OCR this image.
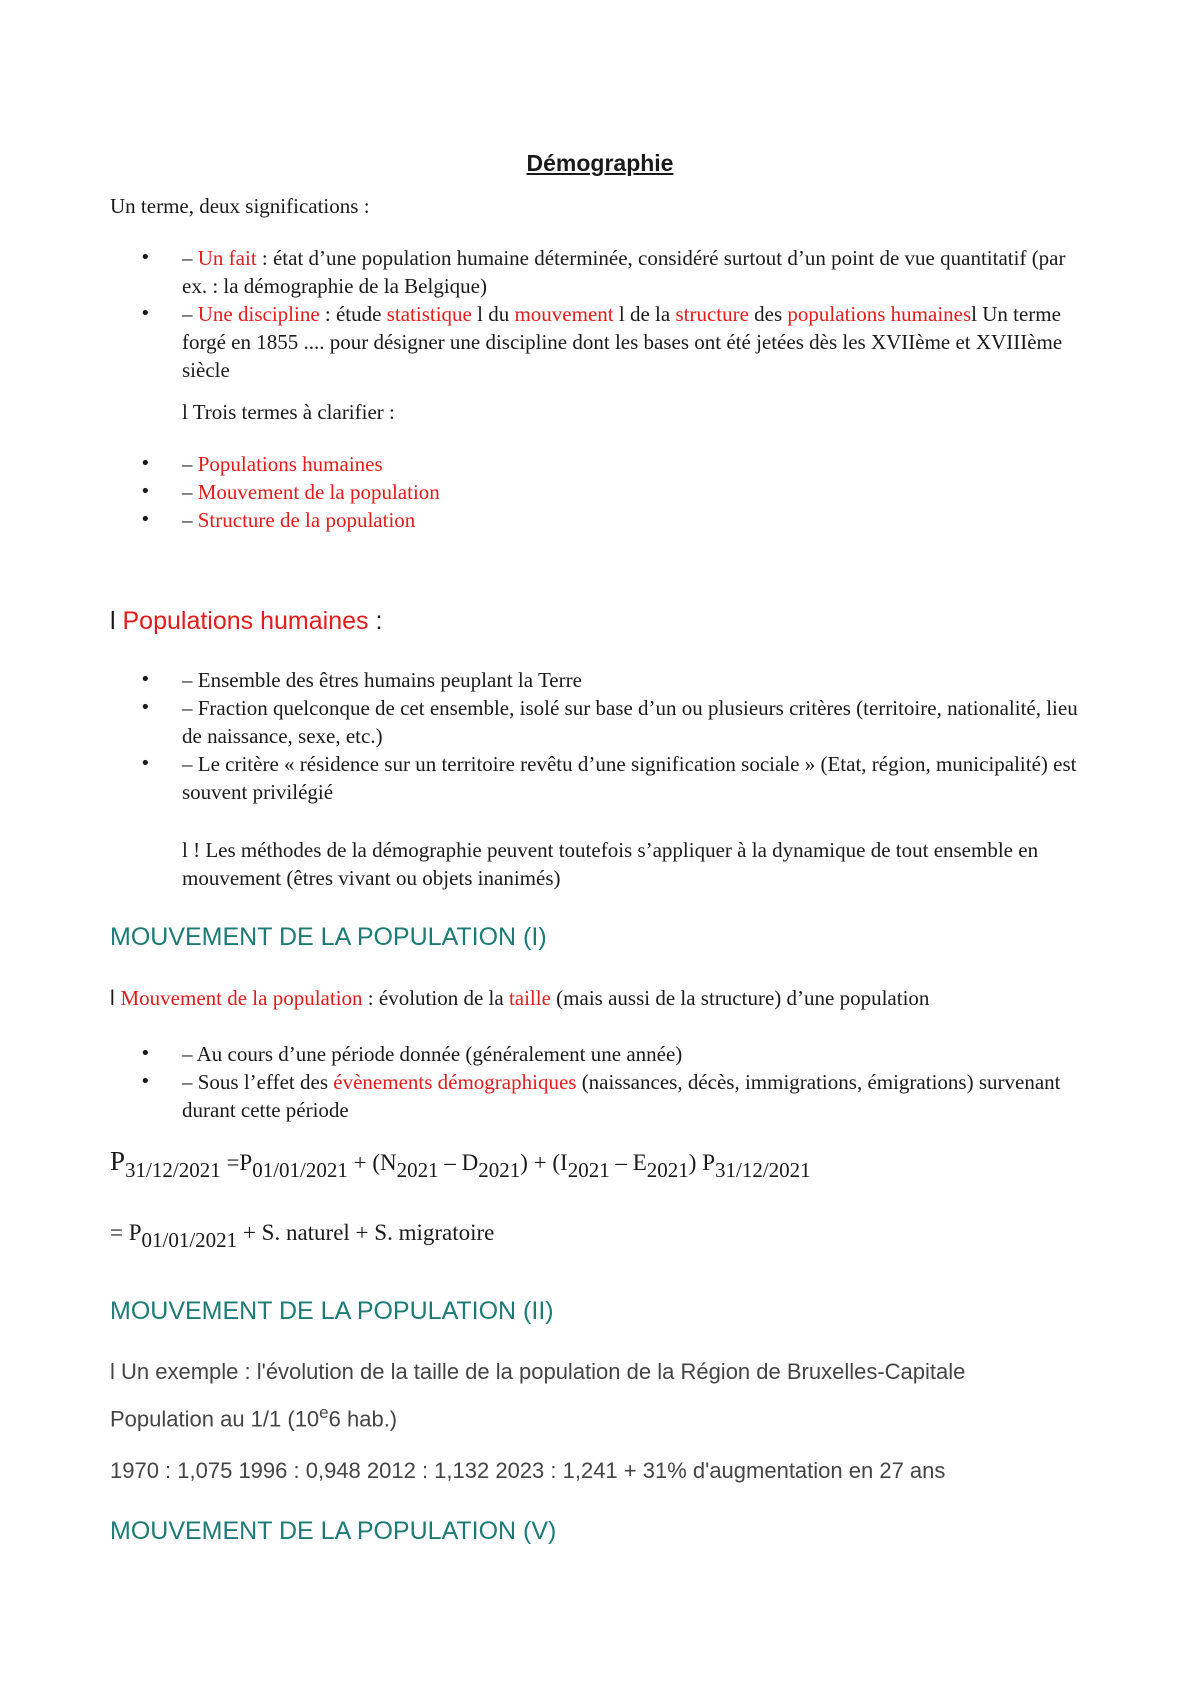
Démographie
Un terme, deux significations :
• – Un fait : état d’une population humaine déterminée, considéré surtout d’un point de vue quantitatif (par ex. : la démographie de la Belgique)
• – Une discipline : étude statistique l du mouvement l de la structure des populations humainesl Un terme forgé en 1855 .... pour désigner une discipline dont les bases ont été jetées dès les XVIIème et XVIIIème siècle
l Trois termes à clarifier :
• – Populations humaines
• – Mouvement de la population
• – Structure de la population
l Populations humaines :
• – Ensemble des êtres humains peuplant la Terre
• – Fraction quelconque de cet ensemble, isolé sur base d’un ou plusieurs critères (territoire, nationalité, lieu de naissance, sexe, etc.)
• – Le critère « résidence sur un territoire revêtu d’une signification sociale » (Etat, région, municipalité) est souvent privilégié
l ! Les méthodes de la démographie peuvent toutefois s’appliquer à la dynamique de tout ensemble en mouvement (êtres vivant ou objets inanimés)
MOUVEMENT DE LA POPULATION (I)
l Mouvement de la population : évolution de la taille (mais aussi de la structure) d’une population
• – Au cours d’une période donnée (généralement une année)
• – Sous l’effet des évènements démographiques (naissances, décès, immigrations, émigrations) survenant durant cette période
$P_{31/12/2021} =P_{01/01/2021} + (N_{2021} - D_{2021}) + (I_{2021} - E_{2021})$ $P_{31/12/2021}$
= $P_{01/01/2021} + S$. naturel + S. migratoire
MOUVEMENT DE LA POPULATION (II)
l Un exemple : l'évolution de la taille de la population de la Région de Bruxelles-Capitale
Population au 1/1 (10e6 hab.)
1970 : 1,075 1996 : 0,948 2012 : 1,132 2023 : 1,241 + 31% d'augmentation en 27 ans
MOUVEMENT DE LA POPULATION (V)
